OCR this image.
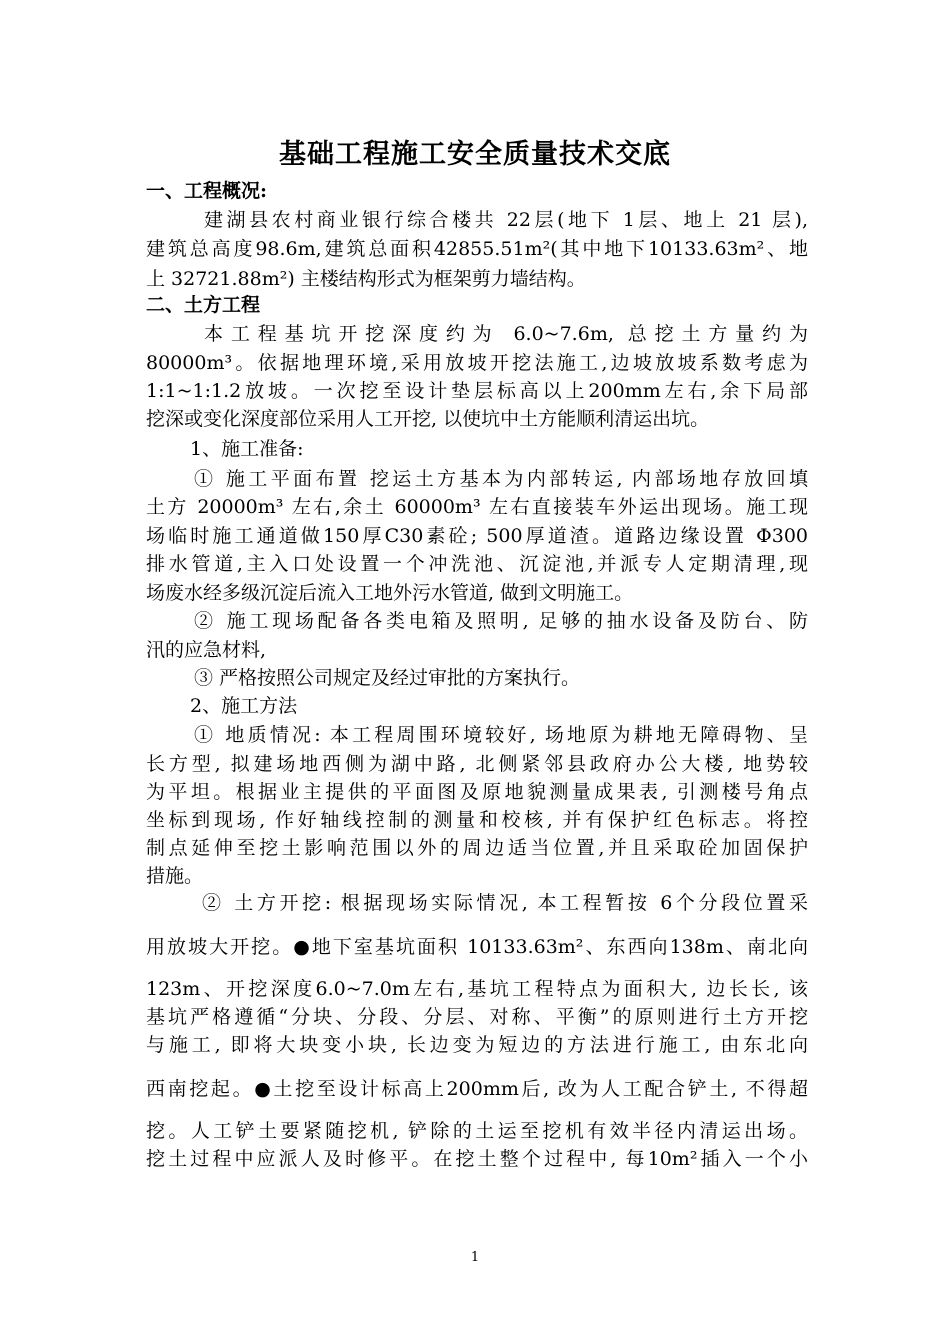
基础工程施工安全质量技术交底
一、工程概况:
建湖县农村商业银行综合楼共 22层(地下 1层、地上 21 层),
建筑总高度98.6m,建筑总面积42855.51m²(其中地下10133.63m²、地
上 32721.88m²) 主楼结构形式为框架剪力墙结构。
二、土方工程
本工程基坑开挖深度约为 6.0~7.6m, 总挖土方量约为
80000m³。依据地理环境,采用放坡开挖法施工,边坡放坡系数考虑为
1:1~1:1.2放坡。一次挖至设计垫层标高以上200mm左右,余下局部
挖深或变化深度部位采用人工开挖, 以使坑中土方能顺利清运出坑。
1、施工准备:
① 施工平面布置 挖运土方基本为内部转运, 内部场地存放回填
土方 20000m³ 左右,余土 60000m³ 左右直接装车外运出现场。施工现
场临时施工通道做150厚C30素砼; 500厚道渣。道路边缘设置 Φ300
排水管道,主入口处设置一个冲洗池、沉淀池,并派专人定期清理,现
场废水经多级沉淀后流入工地外污水管道, 做到文明施工。
② 施工现场配备各类电箱及照明, 足够的抽水设备及防台、防
汛的应急材料,
③ 严格按照公司规定及经过审批的方案执行。
2、施工方法
① 地质情况: 本工程周围环境较好, 场地原为耕地无障碍物、呈
长方型, 拟建场地西侧为湖中路, 北侧紧邻县政府办公大楼, 地势较
为平坦。根据业主提供的平面图及原地貌测量成果表, 引测楼号角点
坐标到现场, 作好轴线控制的测量和校核, 并有保护红色标志。将控
制点延伸至挖土影响范围以外的周边适当位置,并且采取砼加固保护
措施。
② 土方开挖: 根据现场实际情况, 本工程暂按 6个分段位置采
用放坡大开挖。●地下室基坑面积 10133.63m²、东西向138m、南北向
123m、开挖深度6.0~7.0m左右,基坑工程特点为面积大, 边长长, 该
基坑严格遵循“分块、分段、分层、对称、平衡”的原则进行土方开挖
与施工, 即将大块变小块, 长边变为短边的方法进行施工, 由东北向
西南挖起。●土挖至设计标高上200mm后, 改为人工配合铲土, 不得超
挖。人工铲土要紧随挖机, 铲除的土运至挖机有效半径内清运出场。
挖土过程中应派人及时修平。在挖土整个过程中, 每10m²插入一个小
1
